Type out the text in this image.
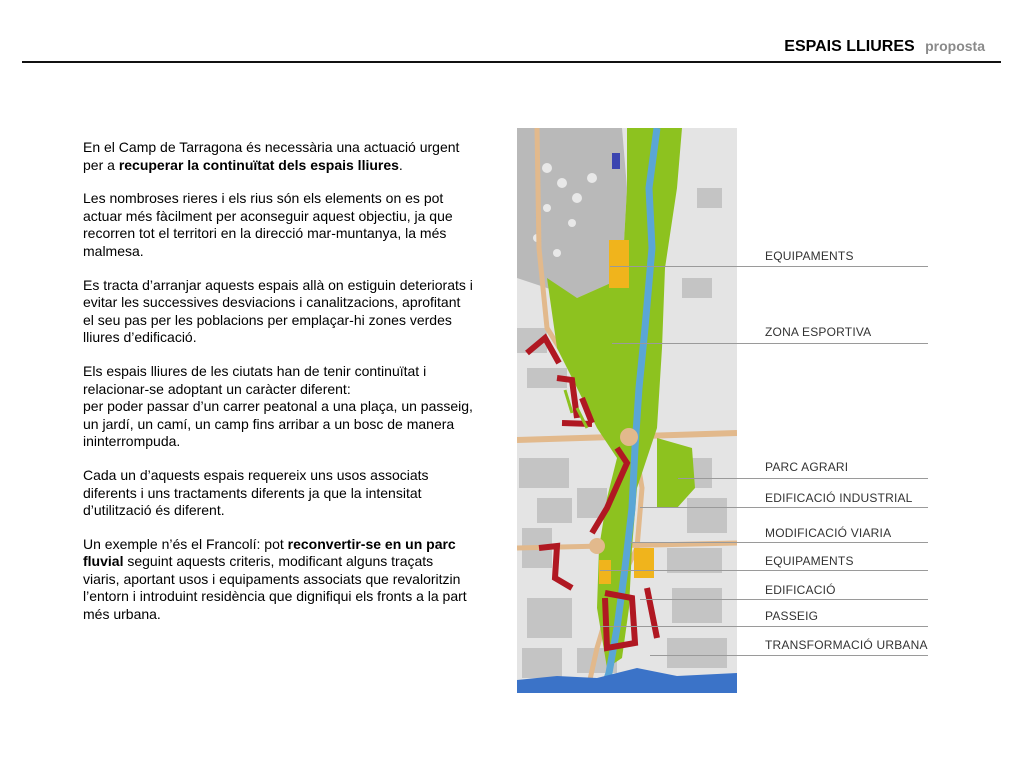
ESPAIS LLIURES proposta

En el Camp de Tarragona és necessària una actuació urgent per a recuperar la continuïtat dels espais lliures.

Les nombroses rieres i els rius són els elements on es pot actuar més fàcilment per aconseguir aquest objectiu, ja que recorren tot el territori en la direcció mar-muntanya, la més malmesa.

Es tracta d’arranjar aquests espais allà on estiguin deteriorats i evitar les successives desviacions i canalitzacions, aprofitant el seu pas per les poblacions per emplaçar-hi zones verdes lliures d’edificació.

Els espais lliures de les ciutats han de tenir continuïtat i relacionar-se adoptant un caràcter diferent:
per poder passar d’un carrer peatonal a una plaça, un passeig, un jardí, un camí, un camp fins arribar a un bosc de manera ininterrompuda.

Cada un d’aquests espais requereix uns usos associats diferents i uns tractaments diferents ja que la intensitat d’utilització és diferent.

Un exemple n’és el Francolí: pot reconvertir-se en un parc fluvial seguint aquests criteris, modificant alguns traçats viaris, aportant usos i equipaments associats que revaloritzin l’entorn i introduint residència que dignifiqui els fronts a la part més urbana.

EQUIPAMENTS
ZONA ESPORTIVA
PARC AGRARI
EDIFICACIÓ INDUSTRIAL
MODIFICACIÓ VIARIA
EQUIPAMENTS
EDIFICACIÓ
PASSEIG
TRANSFORMACIÓ URBANA
